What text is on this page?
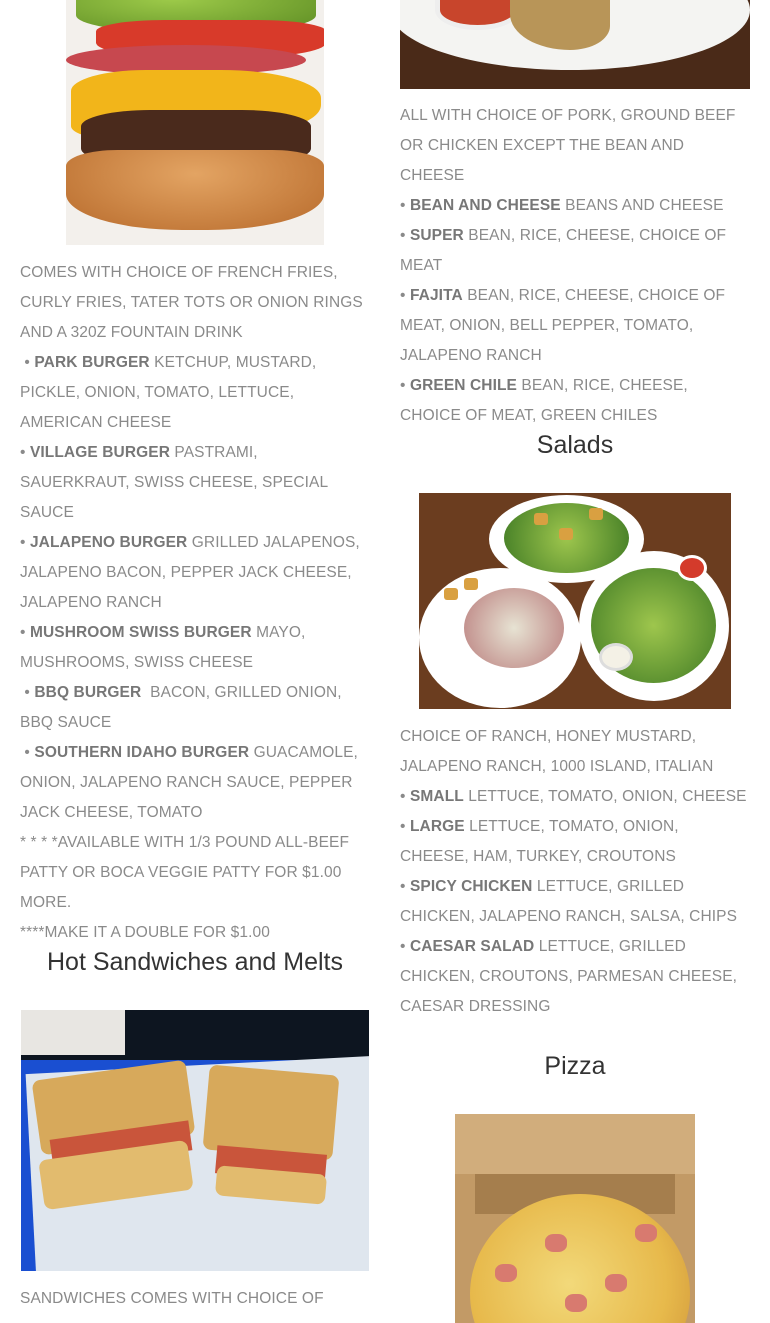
COMES WITH CHOICE OF FRENCH FRIES, CURLY FRIES, TATER TOTS OR ONION RINGS AND A 320Z FOUNTAIN DRINK

• PARK BURGER KETCHUP, MUSTARD, PICKLE, ONION, TOMATO, LETTUCE, AMERICAN CHEESE

• VILLAGE BURGER PASTRAMI, SAUERKRAUT, SWISS CHEESE, SPECIAL SAUCE

• JALAPENO BURGER GRILLED JALAPENOS, JALAPENO BACON, PEPPER JACK CHEESE, JALAPENO RANCH

• MUSHROOM SWISS BURGER MAYO, MUSHROOMS, SWISS CHEESE

• BBQ BURGER BACON, GRILLED ONION, BBQ SAUCE

• SOUTHERN IDAHO BURGER GUACAMOLE, ONION, JALAPENO RANCH SAUCE, PEPPER JACK CHEESE, TOMATO

* * * *AVAILABLE WITH 1/3 POUND ALL-BEEF PATTY OR BOCA VEGGIE PATTY FOR $1.00 MORE.

****MAKE IT A DOUBLE FOR $1.00

Hot Sandwiches and Melts

SANDWICHES COMES WITH CHOICE OF

ALL WITH CHOICE OF PORK, GROUND BEEF OR CHICKEN EXCEPT THE BEAN AND CHEESE

• BEAN AND CHEESE BEANS AND CHEESE

• SUPER BEAN, RICE, CHEESE, CHOICE OF MEAT

• FAJITA BEAN, RICE, CHEESE, CHOICE OF MEAT, ONION, BELL PEPPER, TOMATO, JALAPENO RANCH

• GREEN CHILE BEAN, RICE, CHEESE, CHOICE OF MEAT, GREEN CHILES

Salads

CHOICE OF RANCH, HONEY MUSTARD, JALAPENO RANCH, 1000 ISLAND, ITALIAN

• SMALL LETTUCE, TOMATO, ONION, CHEESE

• LARGE LETTUCE, TOMATO, ONION, CHEESE, HAM, TURKEY, CROUTONS

• SPICY CHICKEN LETTUCE, GRILLED CHICKEN, JALAPENO RANCH, SALSA, CHIPS

• CAESAR SALAD LETTUCE, GRILLED CHICKEN, CROUTONS, PARMESAN CHEESE, CAESAR DRESSING

Pizza
